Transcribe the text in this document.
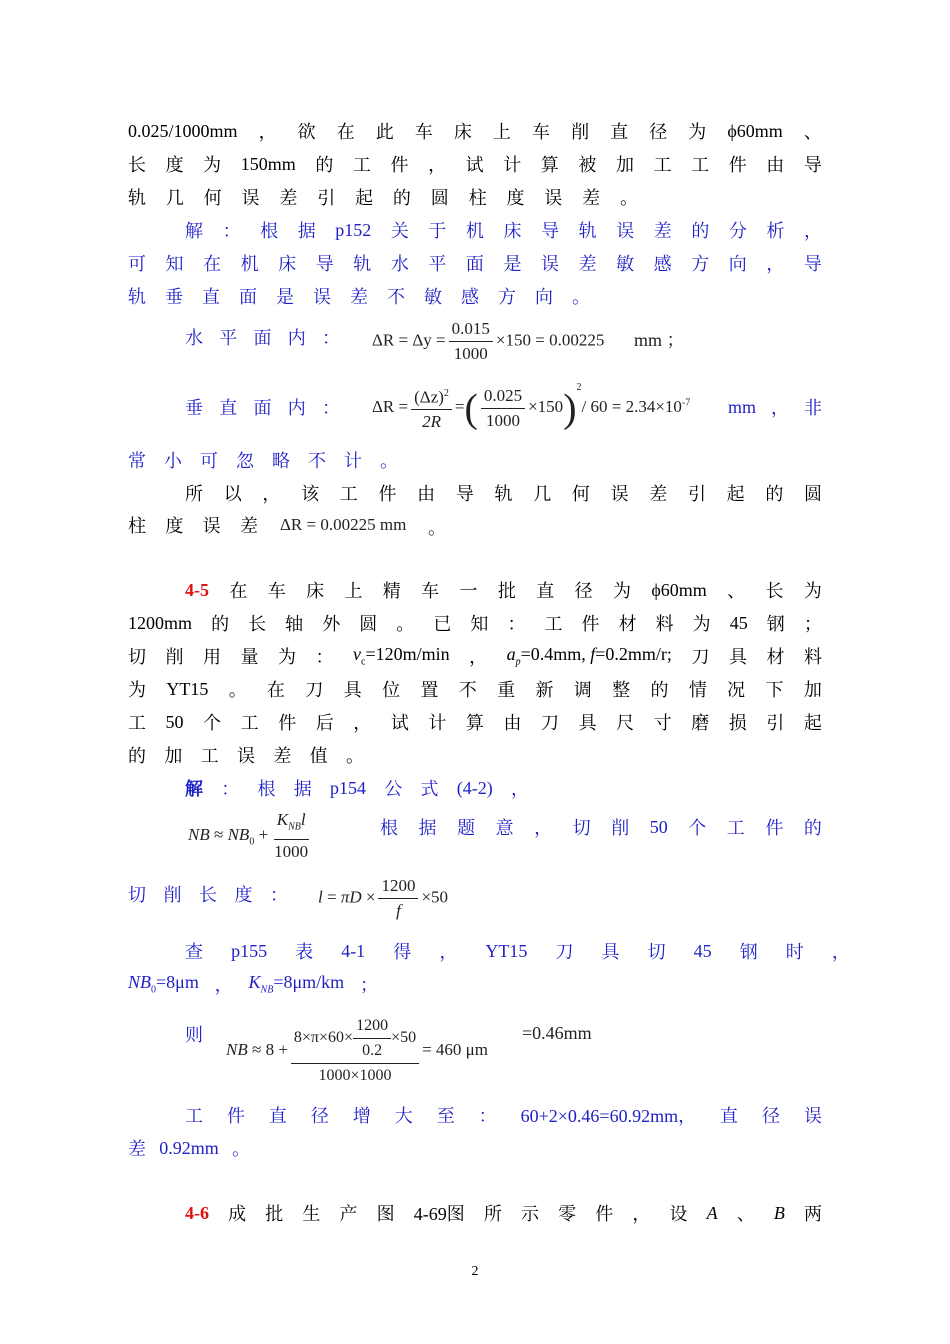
0.025/1000mm ， 欲 在 此 车 床 上 车 削 直 径 为 ϕ60mm 、
长 度 为 150mm 的 工 件 ， 试 计 算 被 加 工 工 件 由 导
轨 几 何 误 差 引 起 的 圆 柱 度 误 差 。
解 ： 根 据 p152 关 于 机 床 导 轨 误 差 的 分 析 ，
可 知 在 机 床 导 轨 水 平 面 是 误 差 敏 感 方 向 ， 导
轨 垂 直 面 是 误 差 不 敏 感 方 向 。
水 平 面 内 ： $\Delta R = \Delta y = \frac{0.015}{1000} \times 150 = 0.00225$ mm ；
垂 直 面 内 ： $\Delta R = \frac{(\Delta z)^2}{2R}$ =( $\frac{0.025}{1000} \times 150)^2/$ $60 = 2.34\times 10^{-7}$ mm ， 非
常 小 可 忽 略 不 计 。
所 以 ， 该 工 件 由 导 轨 几 何 误 差 引 起 的 圆
柱 度 误 差 ΔR = 0.00225 mm 。
4-5 在 车 床 上 精 车 一 批 直 径 为 ϕ60mm 、 长 为
1200mm 的 长 轴 外 圆 。 已 知 ： 工 件 材 料 为 45 钢 ；
切 削 用 量 为 ： $v_c=120m/\min$ ， $a_p=0.4mm$, f=0.2mm/r; 刀 具 材 料
为 YT15 。 在 刀 具 位 置 不 重 新 调 整 的 情 况 下 加
工 50 个 工 件 后 ， 试 计 算 由 刀 具 尺 寸 磨 损 引 起
的 加 工 误 差 值 。
解 ： 根 据 p154 公 式 (4-2) ，
NB ≈ $NB_0 + \frac{K_{NB}l}{1000}$	根 据 题 意 ， 切 削 50 个 工 件 的
切 削 长 度 ： $l = \pi D \times \frac{1200}{f} \times 50$
查 p155 表 4-1 得 ， YT15 刀 具 切 45 钢 时 ，
$NB_0=8\mu m$ ， $K_{NB}=8\mu m/km$ ；
则
NB ≈ $8 + \frac{8\times\pi\times 60\times \frac{1200}{0.2} \times 50}{1000\times 1000} = 460$ μm
=0.46mm
工 件 直 径 增 大 至 ： 60+2×0.46=60.92mm， 直 径 误
差 0.92mm 。
4-6 成 批 生 产 图 4-69图 所 示 零 件 ， 设 A 、 B 两
2
